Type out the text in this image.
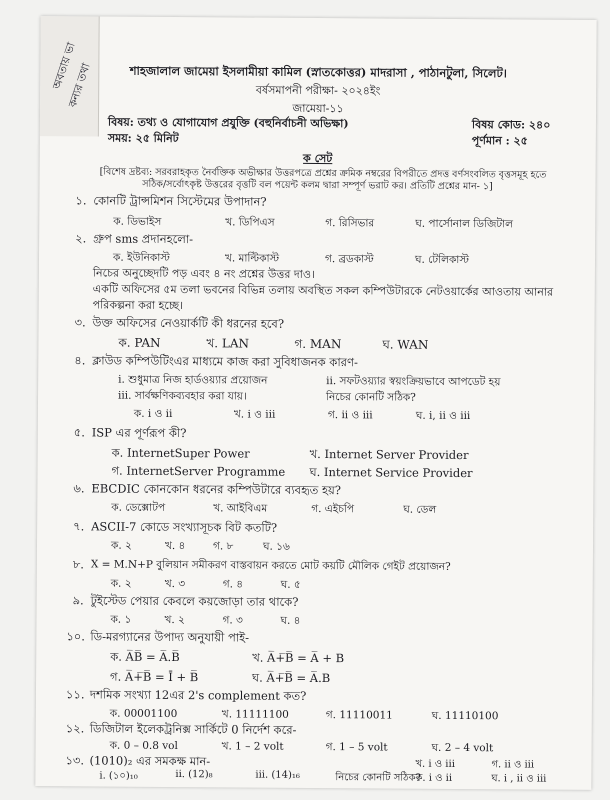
অবতায় ভা
কন্যর তথা	শাহজালাল জামেয়া ইসলামীয়া কামিল (স্নাতকোত্তর) মাদরাসা , পাঠানটুলা, সিলেট।
বর্ষসমাপনী পরীক্ষা- ২০২৪ইং
জামেয়া-১১
বিষয়: তথ্য ও যোগাযোগ প্রযুক্তি (বহুনির্বাচনী অভিক্ষা)	বিষয় কোড: ২৪০
সময়: ২৫ মিনিট	পূর্ণমান : ২৫
ক সেট
[বিশেষ দ্রষ্টব্য: সরবরাহকৃত নৈর্বক্তিক অভীক্ষার উত্তরপত্রে প্রশ্নের ক্রমিক নম্বরের বিপরীতে প্রদত্ত বর্ণসংবলিত বৃত্তসমূহ হতে
সঠিক/সর্বোৎকৃষ্ট উত্তরের বৃত্তটি বল পয়েন্ট কলম দ্বারা সম্পূর্ণ ভরাট কর। প্রতিটি প্রশ্নের মান- ১]
১. কোনটি ট্রান্সমিশন সিস্টেমের উপাদান?
ক. ডিভাইস	খ. ডিপিএস	গ. রিসিভার	ঘ. পার্সোনাল ডিজিটাল
২. গ্রুপ sms প্রদানহলো-
ক. ইউনিকাস্ট	খ. মাল্টিকাস্ট	গ. ব্রডকাস্ট	ঘ. টেলিকাস্ট
নিচের অনুচ্ছেদটি পড় এবং ৪ নং প্রশ্নের উত্তর দাও।
একটি অফিসের ৫ম তলা ভবনের বিভিন্ন তলায় অবস্থিত সকল কম্পিউটারকে নেটওয়ার্কের আওতায় আনার
পরিকল্পনা করা হচ্ছে।
৩. উক্ত অফিসের নেওয়ার্কটি কী ধরনের হবে?
ক. PAN	খ. LAN	গ. MAN	ঘ. WAN
৪. ক্লাউড কম্পিউটিংএর মাধ্যমে কাজ করা সুবিধাজনক কারণ-
i. শুধুমাত্র নিজ হার্ডওয়্যার প্রয়োজন	ii. সফটওয়্যার স্বয়ংক্রিয়ভাবে আপডেট হয়
iii. সার্বক্ষণিকব্যবহার করা যায়।	নিচের কোনটি সঠিক?
ক. i ও ii	খ. i ও iii	গ. ii ও iii	ঘ. i, ii ও iii
৫. ISP এর পূর্ণরূপ কী?
ক. InternetSuper Power	খ. Internet Server Provider
গ. InternetServer Programme ঘ. Internet Service Provider
৬. EBCDIC কোনকোন ধরনের কম্পিউটারে ব্যবহৃত হয়?
ক. ডেক্সোটপ	খ. আইবিএম	গ. এইচপি	ঘ. ডেল
৭. ASCII-7 কোডে সংখ্যাসূচক বিট কতটি?
ক. ২	খ. ৪	গ. ৮	ঘ. ১৬
৮. X = M.N+P বুলিয়ান সমীকরণ বাস্তবায়ন করতে মোট কয়টি মৌলিক গেইট প্রয়োজন?
ক. ২	খ. ৩	গ. ৪	ঘ. ৫
৯. টুইস্টেড পেয়ার কেবলে কয়জোড়া তার থাকে?
ক. ১	খ. ২	গ. ৩	ঘ. ৪
১০. ডি-মরগ্যানের উপাদ্য অনুযায়ী পাই-
ক. A̅B̅ = A̅.B̅	খ. A̅+̅B̅ = A̅ + B
গ. A̅+̅B̅ = Ī + B̅	ঘ. A̅+̅B̅ = A̅.B
১১. দশমিক সংখ্যা 12এর 2's complement কত?
ক. 00001100	খ. 11111100	গ. 11110011	ঘ. 11110100
১২. ডিজিটাল ইলেকট্রনিক্স সার্কিটে 0 নির্দেশ করে-
ক. 0 – 0.8 vol	খ. 1 – 2 volt	গ. 1 – 5 volt	ঘ. 2 – 4 volt
১৩. (1010)₂ এর সমকক্ষ মান-
i. (১০)₁₀	ii. (12)₈	iii. (14)₁₆	নিচের কোনটি সঠিক?
ক. i ও ii
খ. i ও iii	গ. ii ও iii
ঘ. i , ii ও iii
